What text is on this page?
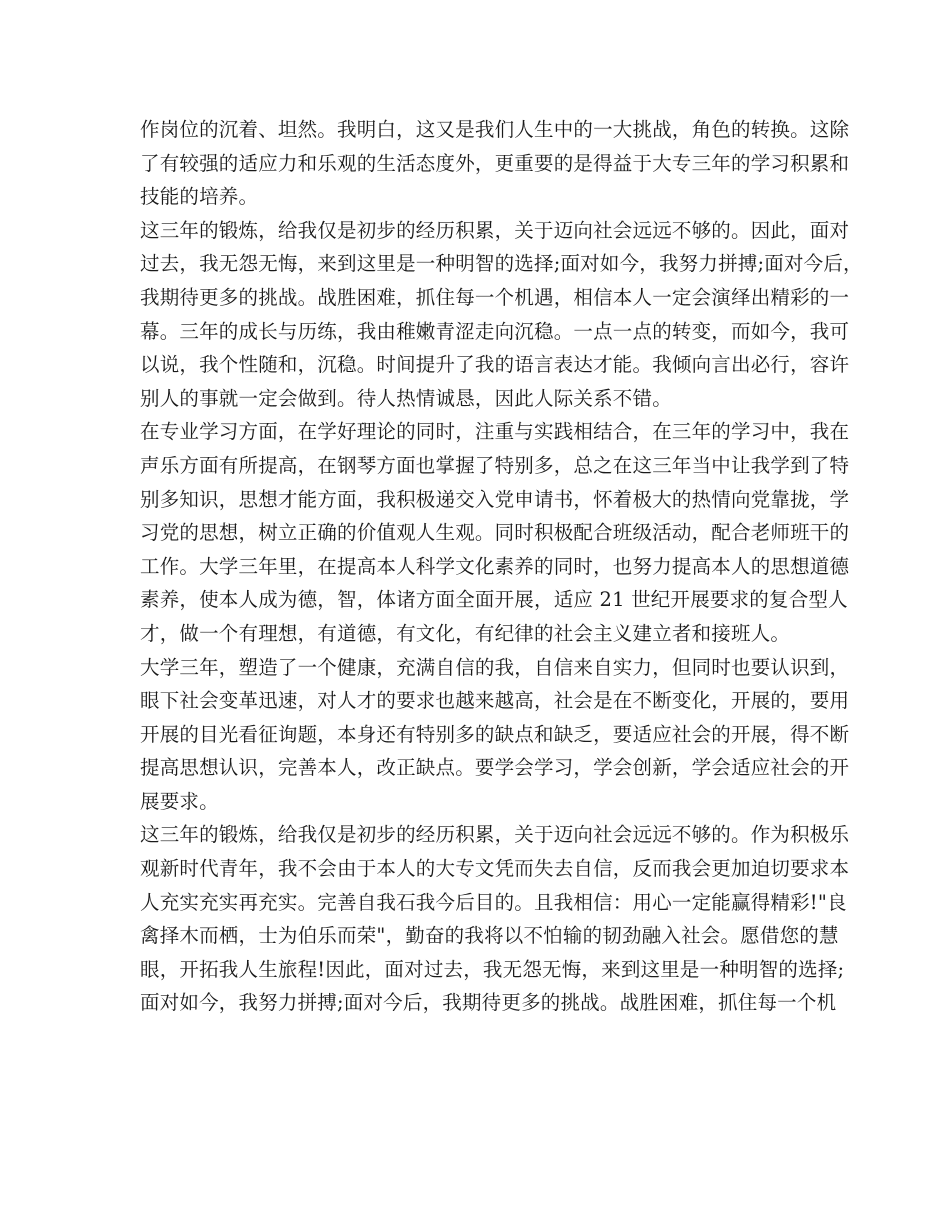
作岗位的沉着、坦然。我明白，这又是我们人生中的一大挑战，角色的转换。这除
了有较强的适应力和乐观的生活态度外，更重要的是得益于大专三年的学习积累和
技能的培养。
这三年的锻炼，给我仅是初步的经历积累，关于迈向社会远远不够的。因此，面对
过去，我无怨无悔，来到这里是一种明智的选择;面对如今，我努力拼搏;面对今后，
我期待更多的挑战。战胜困难，抓住每一个机遇，相信本人一定会演绎出精彩的一
幕。三年的成长与历练，我由稚嫩青涩走向沉稳。一点一点的转变，而如今，我可
以说，我个性随和，沉稳。时间提升了我的语言表达才能。我倾向言出必行，容许
别人的事就一定会做到。待人热情诚恳，因此人际关系不错。
在专业学习方面，在学好理论的同时，注重与实践相结合，在三年的学习中，我在
声乐方面有所提高，在钢琴方面也掌握了特别多，总之在这三年当中让我学到了特
别多知识，思想才能方面，我积极递交入党申请书，怀着极大的热情向党靠拢，学
习党的思想，树立正确的价值观人生观。同时积极配合班级活动，配合老师班干的
工作。大学三年里，在提高本人科学文化素养的同时，也努力提高本人的思想道德
素养，使本人成为德，智，体诸方面全面开展，适应 21 世纪开展要求的复合型人
才，做一个有理想，有道德，有文化，有纪律的社会主义建立者和接班人。
大学三年，塑造了一个健康，充满自信的我，自信来自实力，但同时也要认识到，
眼下社会变革迅速，对人才的要求也越来越高，社会是在不断变化，开展的，要用
开展的目光看征询题，本身还有特别多的缺点和缺乏，要适应社会的开展，得不断
提高思想认识，完善本人，改正缺点。要学会学习，学会创新，学会适应社会的开
展要求。
这三年的锻炼，给我仅是初步的经历积累，关于迈向社会远远不够的。作为积极乐
观新时代青年，我不会由于本人的大专文凭而失去自信，反而我会更加迫切要求本
人充实充实再充实。完善自我石我今后目的。且我相信：用心一定能赢得精彩!"良
禽择木而栖，士为伯乐而荣"，勤奋的我将以不怕输的韧劲融入社会。愿借您的慧
眼，开拓我人生旅程!因此，面对过去，我无怨无悔，来到这里是一种明智的选择;
面对如今，我努力拼搏;面对今后，我期待更多的挑战。战胜困难，抓住每一个机
